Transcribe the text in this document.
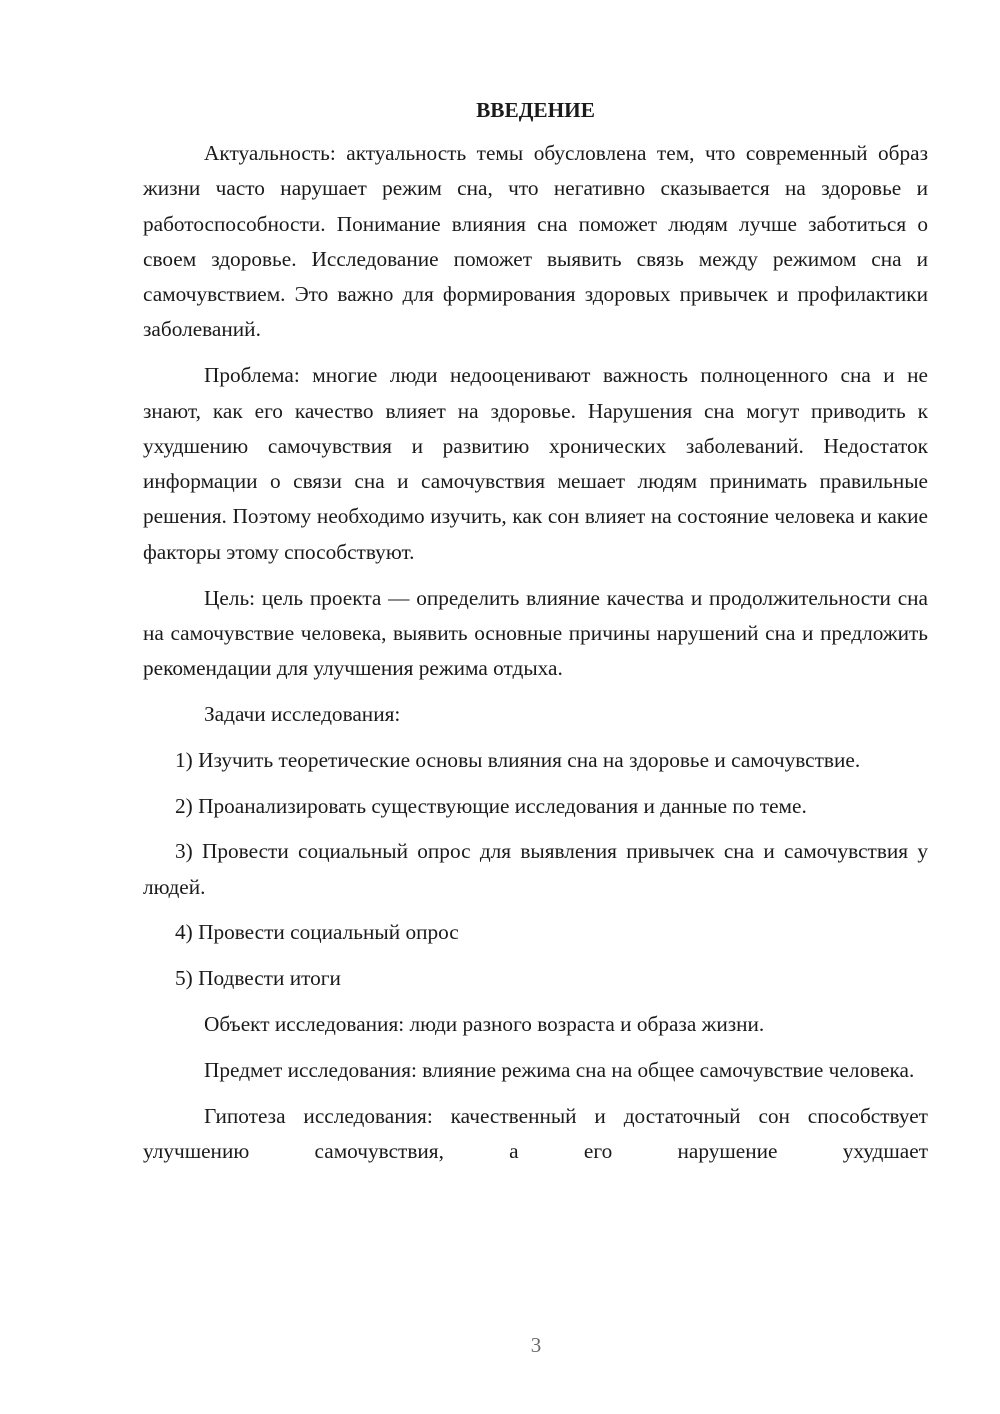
ВВЕДЕНИЕ

Актуальность: актуальность темы обусловлена тем, что современный образ жизни часто нарушает режим сна, что негативно сказывается на здоровье и работоспособности. Понимание влияния сна поможет людям лучше заботиться о своем здоровье. Исследование поможет выявить связь между режимом сна и самочувствием. Это важно для формирования здоровых привычек и профилактики заболеваний.

Проблема: многие люди недооценивают важность полноценного сна и не знают, как его качество влияет на здоровье. Нарушения сна могут приводить к ухудшению самочувствия и развитию хронических заболеваний. Недостаток информации о связи сна и самочувствия мешает людям принимать правильные решения. Поэтому необходимо изучить, как сон влияет на состояние человека и какие факторы этому способствуют.

Цель: цель проекта — определить влияние качества и продолжительности сна на самочувствие человека, выявить основные причины нарушений сна и предложить рекомендации для улучшения режима отдыха.

Задачи исследования:

1) Изучить теоретические основы влияния сна на здоровье и самочувствие.

2) Проанализировать существующие исследования и данные по теме.

3) Провести социальный опрос для выявления привычек сна и самочувствия у людей.

4) Провести социальный опрос

5) Подвести итоги

Объект исследования: люди разного возраста и образа жизни.

Предмет исследования: влияние режима сна на общее самочувствие человека.

Гипотеза исследования: качественный и достаточный сон способствует улучшению самочувствия, а его нарушение ухудшает

3
